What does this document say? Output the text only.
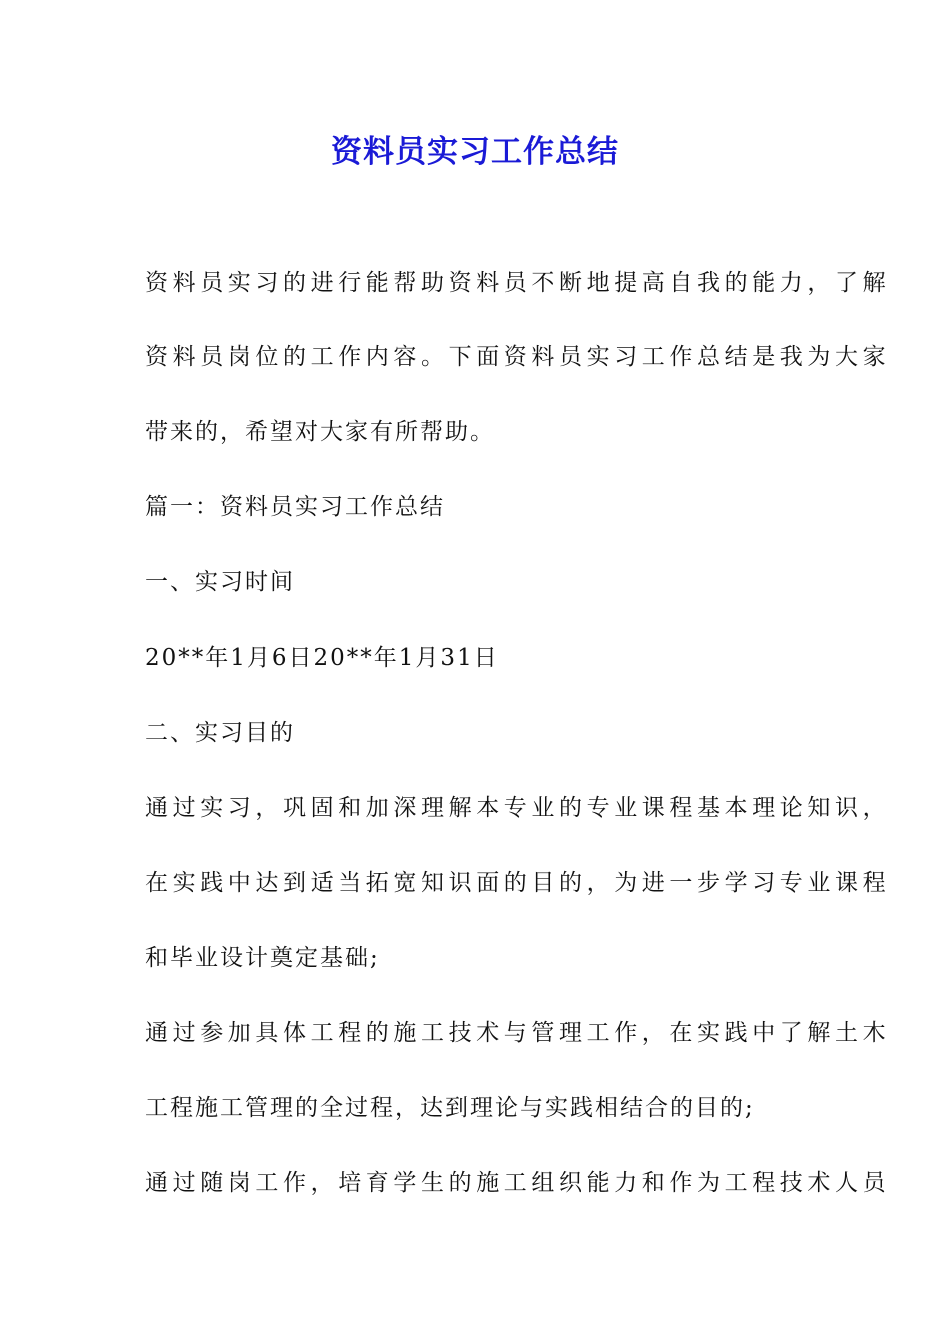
资料员实习工作总结
资料员实习的进行能帮助资料员不断地提高自我的能力，了解
资料员岗位的工作内容。下面资料员实习工作总结是我为大家
带来的，希望对大家有所帮助。
篇一：资料员实习工作总结
一、实习时间
20**年1月6日20**年1月31日
二、实习目的
通过实习，巩固和加深理解本专业的专业课程基本理论知识，
在实践中达到适当拓宽知识面的目的，为进一步学习专业课程
和毕业设计奠定基础;
通过参加具体工程的施工技术与管理工作，在实践中了解土木
工程施工管理的全过程，达到理论与实践相结合的目的;
通过随岗工作，培育学生的施工组织能力和作为工程技术人员
